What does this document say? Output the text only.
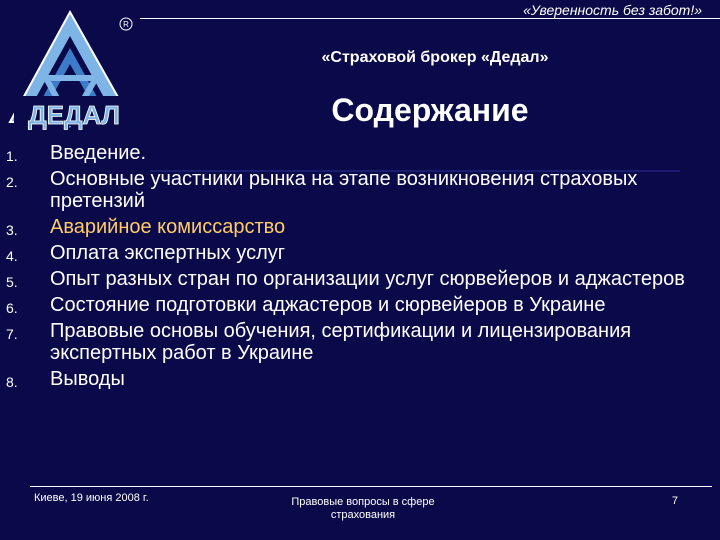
«Уверенность без забот!»
ДЕДАЛ
R
«Страховой брокер «Дедал»
Содержание
1. Введение.
2. Основные участники рынка на этапе возникновения страховых претензий
3. Аварийное комиссарство
4. Оплата экспертных услуг
5. Опыт разных стран по организации услуг сюрвейеров и аджастеров
6. Состояние подготовки аджастеров и сюрвейеров в Украине
7. Правовые основы обучения, сертификации и лицензирования экспертных работ в Украине
8. Выводы
Киеве, 19 июня 2008 г.	Правовые вопросы в сфере страхования
7
